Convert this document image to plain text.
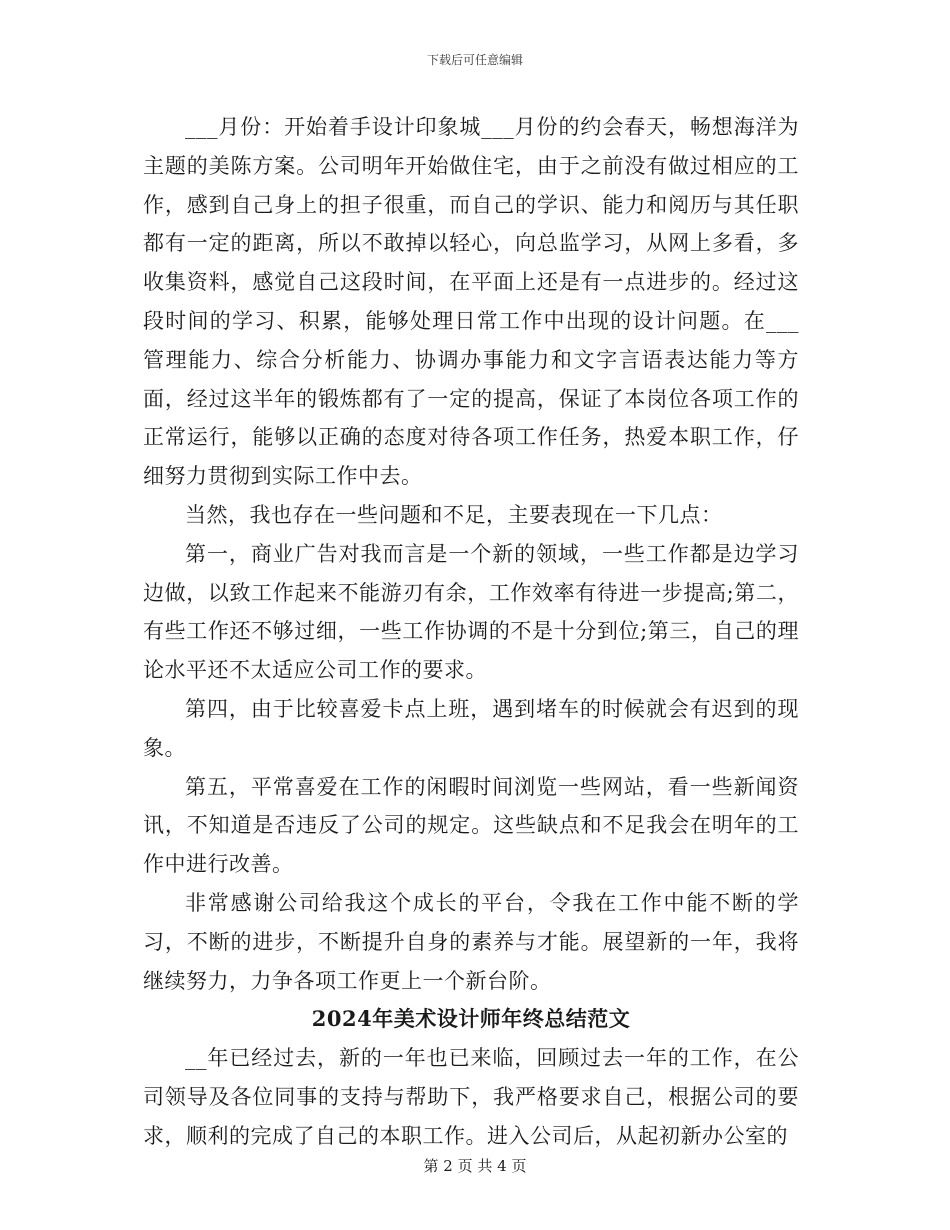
下载后可任意编辑

___月份：开始着手设计印象城___月份的约会春天，畅想海洋为主题的美陈方案。公司明年开始做住宅，由于之前没有做过相应的工作，感到自己身上的担子很重，而自己的学识、能力和阅历与其任职都有一定的距离，所以不敢掉以轻心，向总监学习，从网上多看，多收集资料，感觉自己这段时间，在平面上还是有一点进步的。经过这段时间的学习、积累，能够处理日常工作中出现的设计问题。在___管理能力、综合分析能力、协调办事能力和文字言语表达能力等方面，经过这半年的锻炼都有了一定的提高，保证了本岗位各项工作的正常运行，能够以正确的态度对待各项工作任务，热爱本职工作，仔细努力贯彻到实际工作中去。

当然，我也存在一些问题和不足，主要表现在一下几点：

第一，商业广告对我而言是一个新的领域，一些工作都是边学习边做，以致工作起来不能游刃有余，工作效率有待进一步提高;第二，有些工作还不够过细，一些工作协调的不是十分到位;第三，自己的理论水平还不太适应公司工作的要求。

第四，由于比较喜爱卡点上班，遇到堵车的时候就会有迟到的现象。

第五，平常喜爱在工作的闲暇时间浏览一些网站，看一些新闻资讯，不知道是否违反了公司的规定。这些缺点和不足我会在明年的工作中进行改善。

非常感谢公司给我这个成长的平台，令我在工作中能不断的学习，不断的进步，不断提升自身的素养与才能。展望新的一年，我将继续努力，力争各项工作更上一个新台阶。

2024年美术设计师年终总结范文

__年已经过去，新的一年也已来临，回顾过去一年的工作，在公司领导及各位同事的支持与帮助下，我严格要求自己，根据公司的要求，顺利的完成了自己的本职工作。进入公司后，从起初新办公室的

第 2 页 共 4 页
